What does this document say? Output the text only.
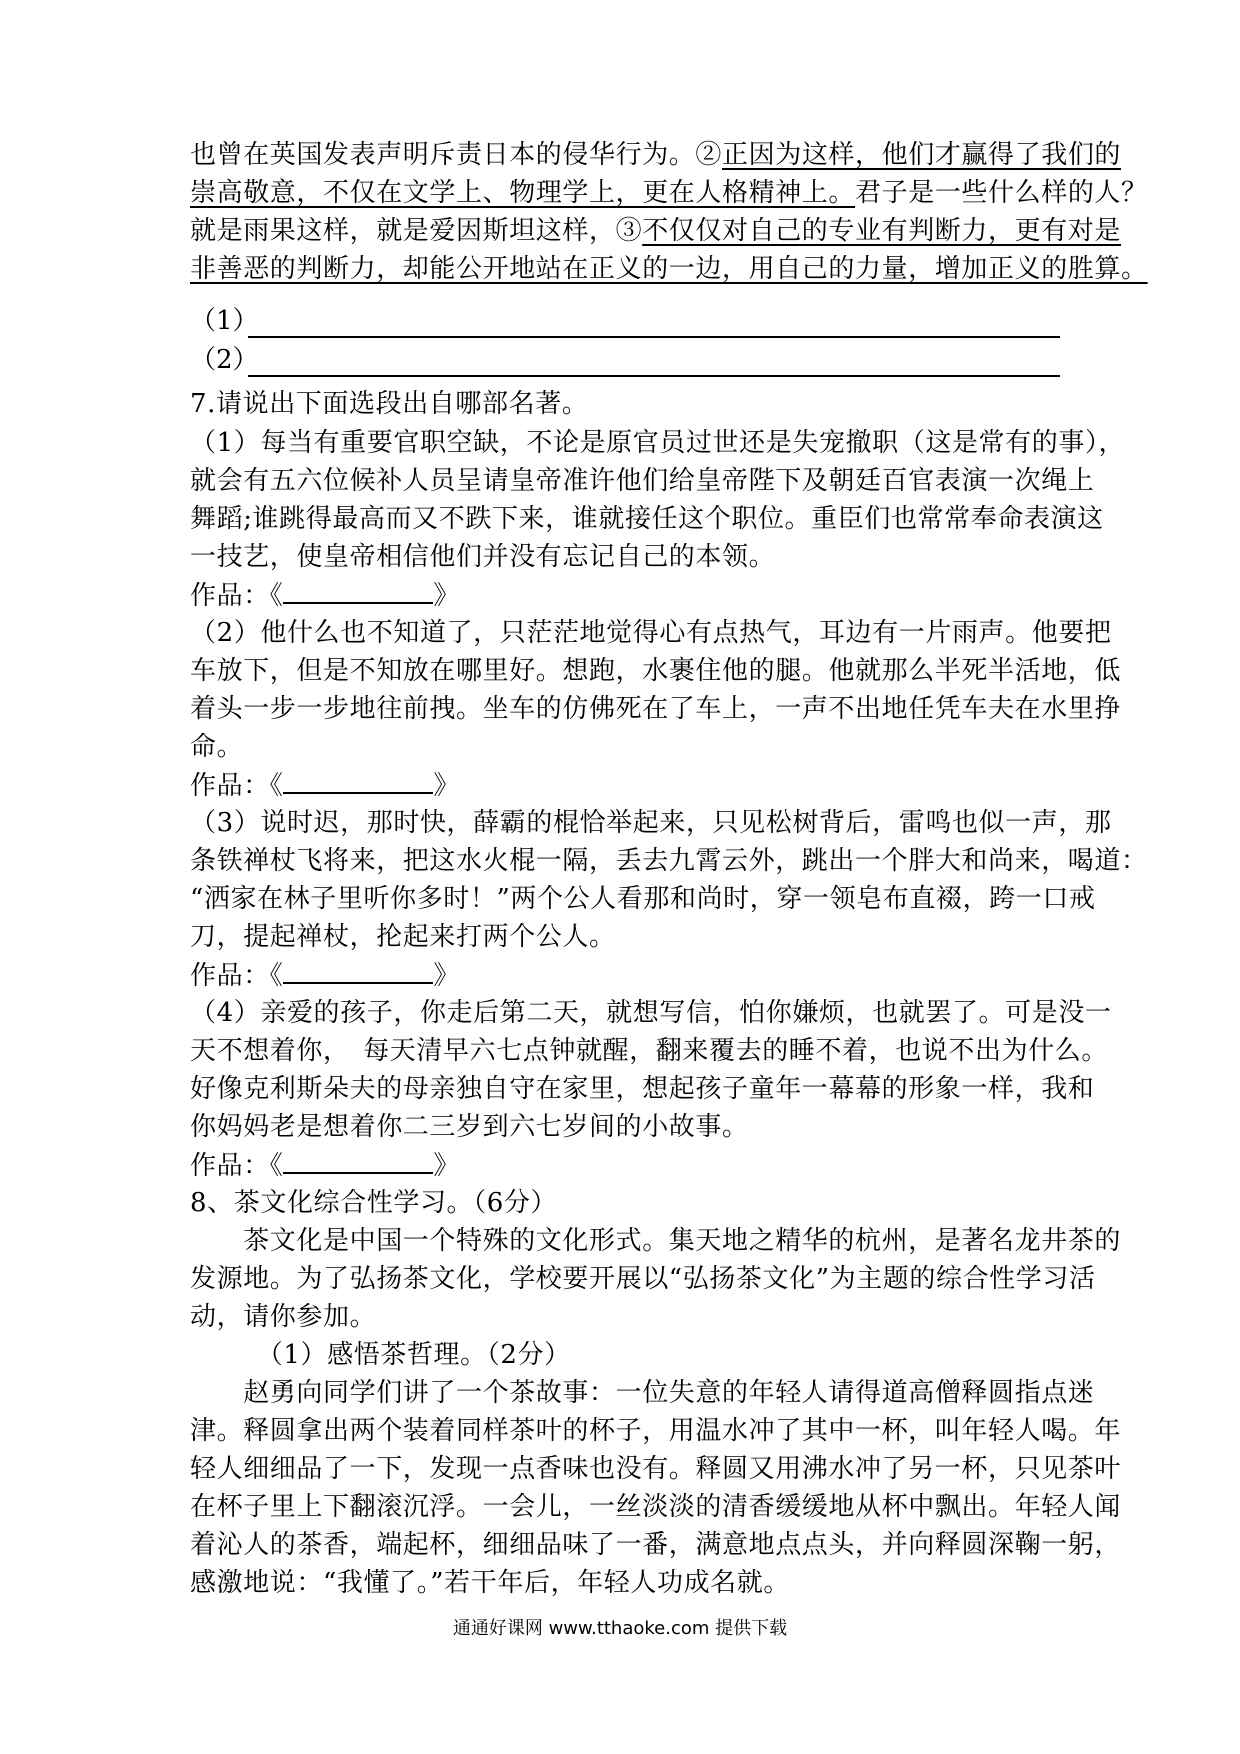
也曾在英国发表声明斥责日本的侵华行为。②正因为这样，他们才赢得了我们的
崇高敬意，不仅在文学上、物理学上，更在人格精神上。君子是一些什么样的人？
就是雨果这样，就是爱因斯坦这样，③不仅仅对自己的专业有判断力，更有对是
非善恶的判断力，却能公开地站在正义的一边，用自己的力量，增加正义的胜算。
（1）
（2）
7.请说出下面选段出自哪部名著。
（1）每当有重要官职空缺，不论是原官员过世还是失宠撤职（这是常有的事），
就会有五六位候补人员呈请皇帝准许他们给皇帝陛下及朝廷百官表演一次绳上
舞蹈;谁跳得最高而又不跌下来，谁就接任这个职位。重臣们也常常奉命表演这
一技艺，使皇帝相信他们并没有忘记自己的本领。
作品：《	》
（2）他什么也不知道了，只茫茫地觉得心有点热气，耳边有一片雨声。他要把
车放下，但是不知放在哪里好。想跑，水裹住他的腿。他就那么半死半活地，低
着头一步一步地往前拽。坐车的仿佛死在了车上，一声不出地任凭车夫在水里挣
命。
作品：《	》
（3）说时迟，那时快，薛霸的棍恰举起来，只见松树背后，雷鸣也似一声，那
条铁禅杖飞将来，把这水火棍一隔，丢去九霄云外，跳出一个胖大和尚来，喝道：
“洒家在林子里听你多时！”两个公人看那和尚时，穿一领皂布直裰，跨一口戒
刀，提起禅杖，抡起来打两个公人。
作品：《	》
（4）亲爱的孩子，你走后第二天，就想写信，怕你嫌烦，也就罢了。可是没一
天不想着你，　每天清早六七点钟就醒，翻来覆去的睡不着，也说不出为什么。
好像克利斯朵夫的母亲独自守在家里，想起孩子童年一幕幕的形象一样，我和
你妈妈老是想着你二三岁到六七岁间的小故事。
作品：《	》
8、茶文化综合性学习。（6分）
　　茶文化是中国一个特殊的文化形式。集天地之精华的杭州，是著名龙井茶的
发源地。为了弘扬茶文化，学校要开展以“弘扬茶文化”为主题的综合性学习活
动，请你参加。
　　　（1）感悟茶哲理。（2分）
　　赵勇向同学们讲了一个茶故事：一位失意的年轻人请得道高僧释圆指点迷
津。释圆拿出两个装着同样茶叶的杯子，用温水冲了其中一杯，叫年轻人喝。年
轻人细细品了一下，发现一点香味也没有。释圆又用沸水冲了另一杯，只见茶叶
在杯子里上下翻滚沉浮。一会儿，一丝淡淡的清香缓缓地从杯中飘出。年轻人闻
着沁人的茶香，端起杯，细细品味了一番，满意地点点头，并向释圆深鞠一躬，
感激地说：“我懂了。”若干年后，年轻人功成名就。
通通好课网 www.tthaoke.com 提供下载
